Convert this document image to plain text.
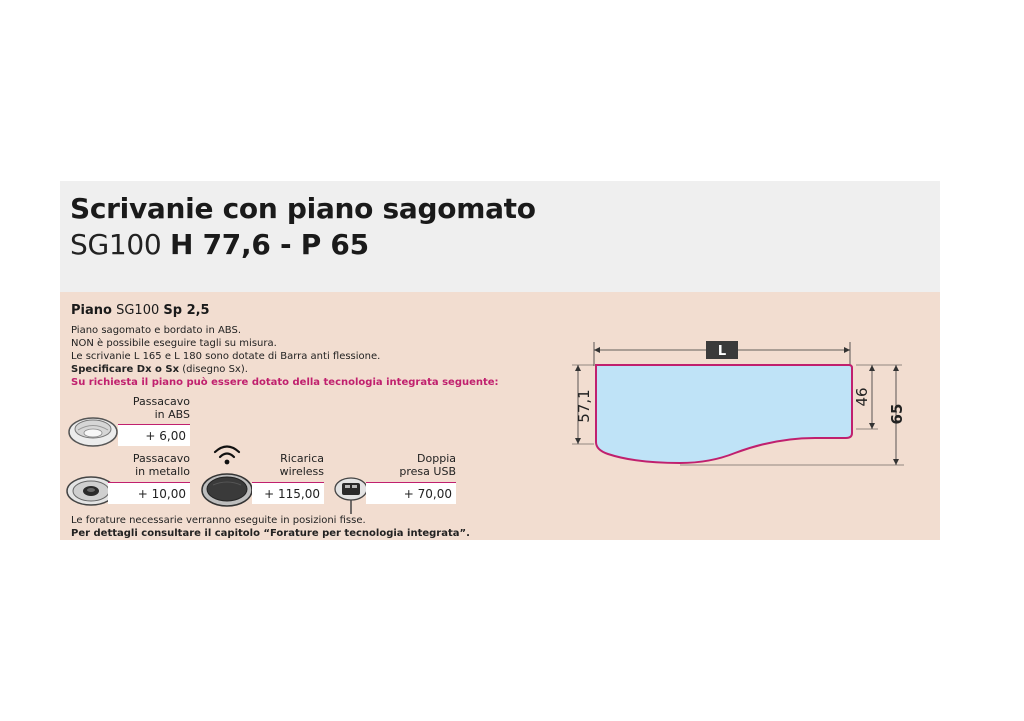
Scrivanie con piano sagomato
SG100 H 77,6 - P 65
Piano SG100 Sp 2,5
Piano sagomato e bordato in ABS.
NON è possibile eseguire tagli su misura.
Le scrivanie L 165 e L 180 sono dotate di Barra anti flessione.
Specificare Dx o Sx (disegno Sx).
Su richiesta il piano può essere dotato della tecnologia integrata seguente:
Passacavo
in ABS
+ 6,00
Passacavo
in metallo
+ 10,00
Ricarica
wireless
+ 115,00
Doppia
presa USB
+ 70,00
Le forature necessarie verranno eseguite in posizioni fisse.
Per dettagli consultare il capitolo “Forature per tecnologia integrata”.
L
57,1	46
65
